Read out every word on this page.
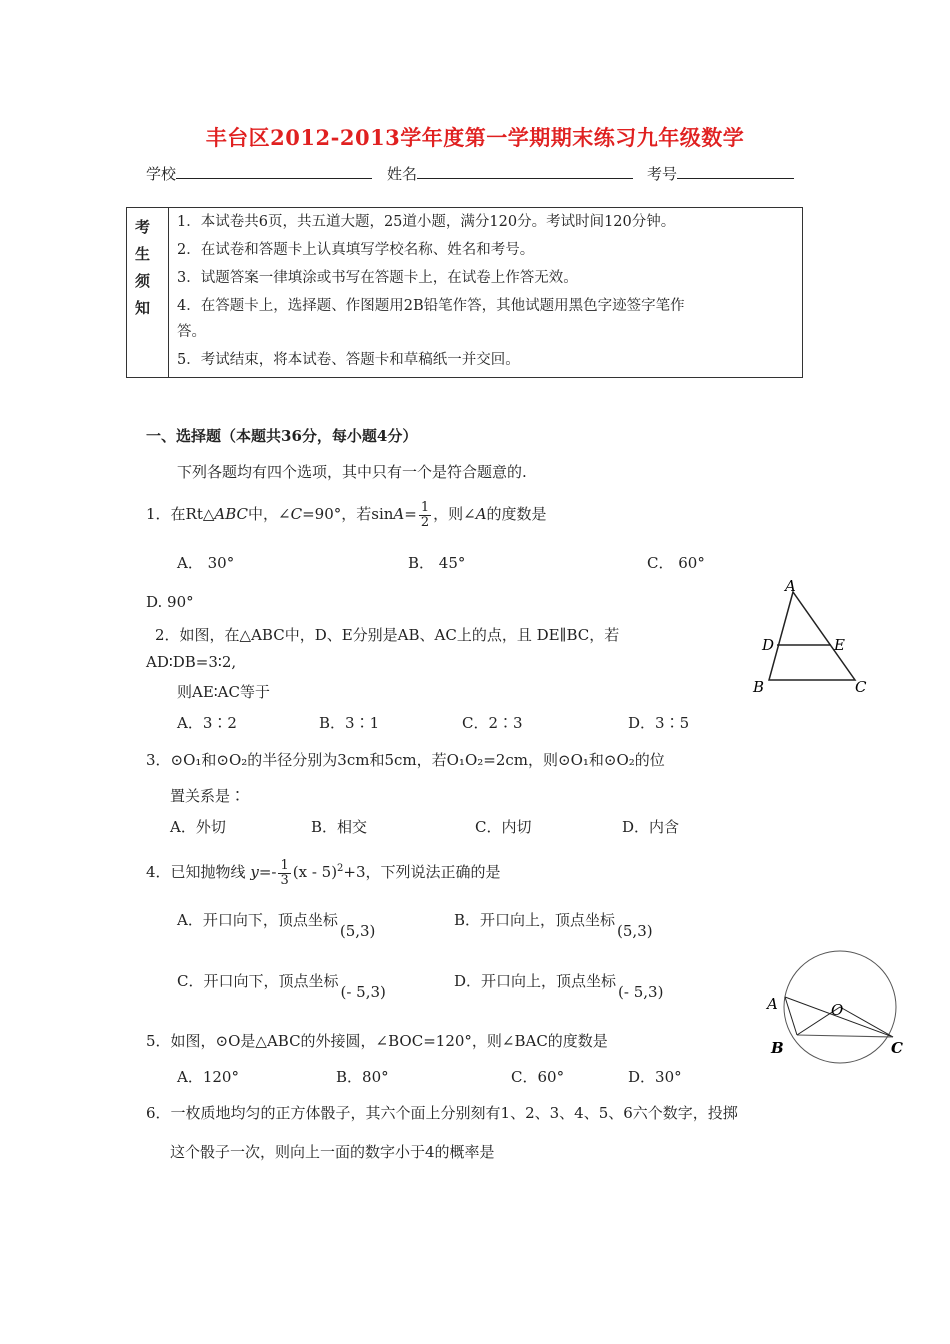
丰台区2012-2013学年度第一学期期末练习九年级数学
学校	姓名	考号
考
生
须
知
1．本试卷共6页，共五道大题，25道小题，满分120分。考试时间120分钟。
2．在试卷和答题卡上认真填写学校名称、姓名和考号。
3．试题答案一律填涂或书写在答题卡上，在试卷上作答无效。
4．在答题卡上，选择题、作图题用2B铅笔作答，其他试题用黑色字迹签字笔作
答。
5．考试结束，将本试卷、答题卡和草稿纸一并交回。
一、选择题（本题共36分，每小题4分）
下列各题均有四个选项，其中只有一个是符合题意的.
1．在Rt△ABC中，∠C=90°，若$\sin A= \frac{1}{2}$ ，则∠A的度数是
A． 30°	B． 45°	C． 60°
D. 90°
2．如图，在△ABC中，D、E分别是AB、AC上的点，且 DE∥BC，若
AD∶DB=3∶2,
则AE∶AC等于
A．3∶2	B．3∶1	C．2∶3	D．3∶5
A
B	C
D	E
3．⊙O₁和⊙O₂的半径分别为3cm和5cm，若O₁O₂=2cm，则⊙O₁和⊙O₂的位
置关系是∶
A．外切	B．相交	C．内切	D．内含
4．已知抛物线 $y=- \frac{1}{3} (x - 5)^2+3$，下列说法正确的是
A．开口向下，顶点坐标(5,3)
B．开口向上，顶点坐标(5,3)
C．开口向下，顶点坐标(- 5,3)
D．开口向上，顶点坐标(- 5,3)
5．如图，⊙O是△ABC的外接圆，∠BOC=120°，则∠BAC的度数是
A．120°	B．80°	C．60°	D．30°
A
B	C
O
6．一枚质地均匀的正方体骰子，其六个面上分别刻有1、2、3、4、5、6六个数字，投掷
这个骰子一次，则向上一面的数字小于4的概率是
